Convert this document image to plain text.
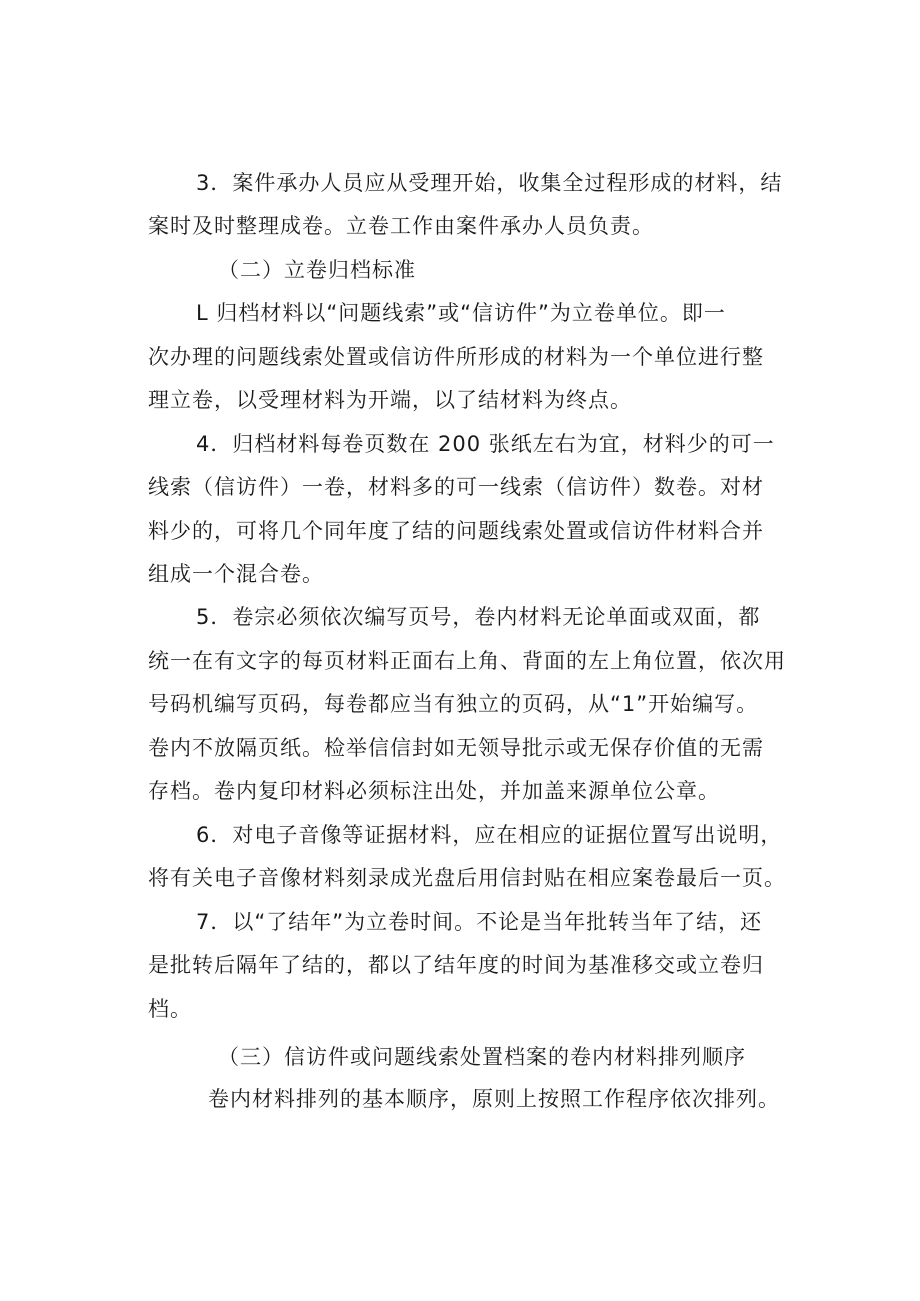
3．案件承办人员应从受理开始，收集全过程形成的材料，结
案时及时整理成卷。立卷工作由案件承办人员负责。
（二）立卷归档标准
L 归档材料以“问题线索”或“信访件”为立卷单位。即一
次办理的问题线索处置或信访件所形成的材料为一个单位进行整
理立卷，以受理材料为开端，以了结材料为终点。
4．归档材料每卷页数在 200 张纸左右为宜，材料少的可一
线索（信访件）一卷，材料多的可一线索（信访件）数卷。对材
料少的，可将几个同年度了结的问题线索处置或信访件材料合并
组成一个混合卷。
5．卷宗必须依次编写页号，卷内材料无论单面或双面，都
统一在有文字的每页材料正面右上角、背面的左上角位置，依次用
号码机编写页码，每卷都应当有独立的页码，从“1”开始编写。
卷内不放隔页纸。检举信信封如无领导批示或无保存价值的无需
存档。卷内复印材料必须标注出处，并加盖来源单位公章。
6．对电子音像等证据材料，应在相应的证据位置写出说明，
将有关电子音像材料刻录成光盘后用信封贴在相应案卷最后一页。
7．以“了结年”为立卷时间。不论是当年批转当年了结，还
是批转后隔年了结的，都以了结年度的时间为基准移交或立卷归
档。
（三）信访件或问题线索处置档案的卷内材料排列顺序
卷内材料排列的基本顺序，原则上按照工作程序依次排列。
